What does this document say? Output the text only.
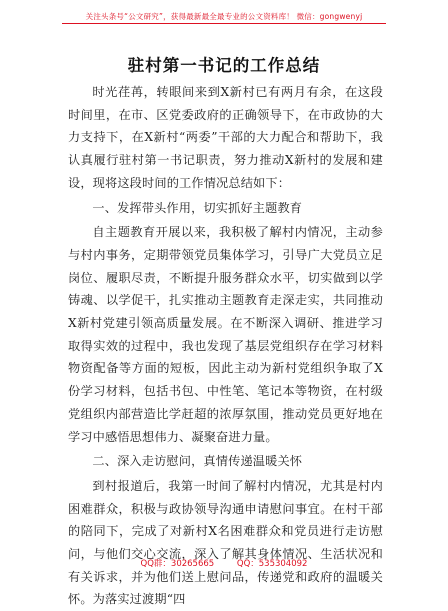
关注头条号“公文研究”，获得最新最全最专业的公文资料库！ 微信：gongwenyj
驻村第一书记的工作总结

时光荏苒，转眼间来到X新村已有两月有余，在这段时间里，在市、区党委政府的正确领导下，在市政协的大力支持下，在X新村“两委”干部的大力配合和帮助下，我认真履行驻村第一书记职责，努力推动X新村的发展和建设，现将这段时间的工作情况总结如下：

一、发挥带头作用，切实抓好主题教育

自主题教育开展以来，我积极了解村内情况，主动参与村内事务，定期带领党员集体学习，引导广大党员立足岗位、履职尽责，不断提升服务群众水平，切实做到以学铸魂、以学促干，扎实推动主题教育走深走实，共同推动X新村党建引领高质量发展。在不断深入调研、推进学习取得实效的过程中，我也发现了基层党组织存在学习材料物资配备等方面的短板，因此主动为新村党组织争取了X份学习材料，包括书包、中性笔、笔记本等物资，在村级党组织内部营造比学赶超的浓厚氛围，推动党员更好地在学习中感悟思想伟力、凝聚奋进力量。

二、深入走访慰问，真情传递温暖关怀

到村报道后，我第一时间了解村内情况，尤其是村内困难群众，积极与政协领导沟通申请慰问事宜。在村干部的陪同下，完成了对新村X名困难群众和党员进行走访慰问，与他们交心交流，深入了解其身体情况、生活状况和有关诉求，并为他们送上慰问品，传递党和政府的温暖关怀。为落实过渡期“四

QQ群：30265665	QQ：535304092
